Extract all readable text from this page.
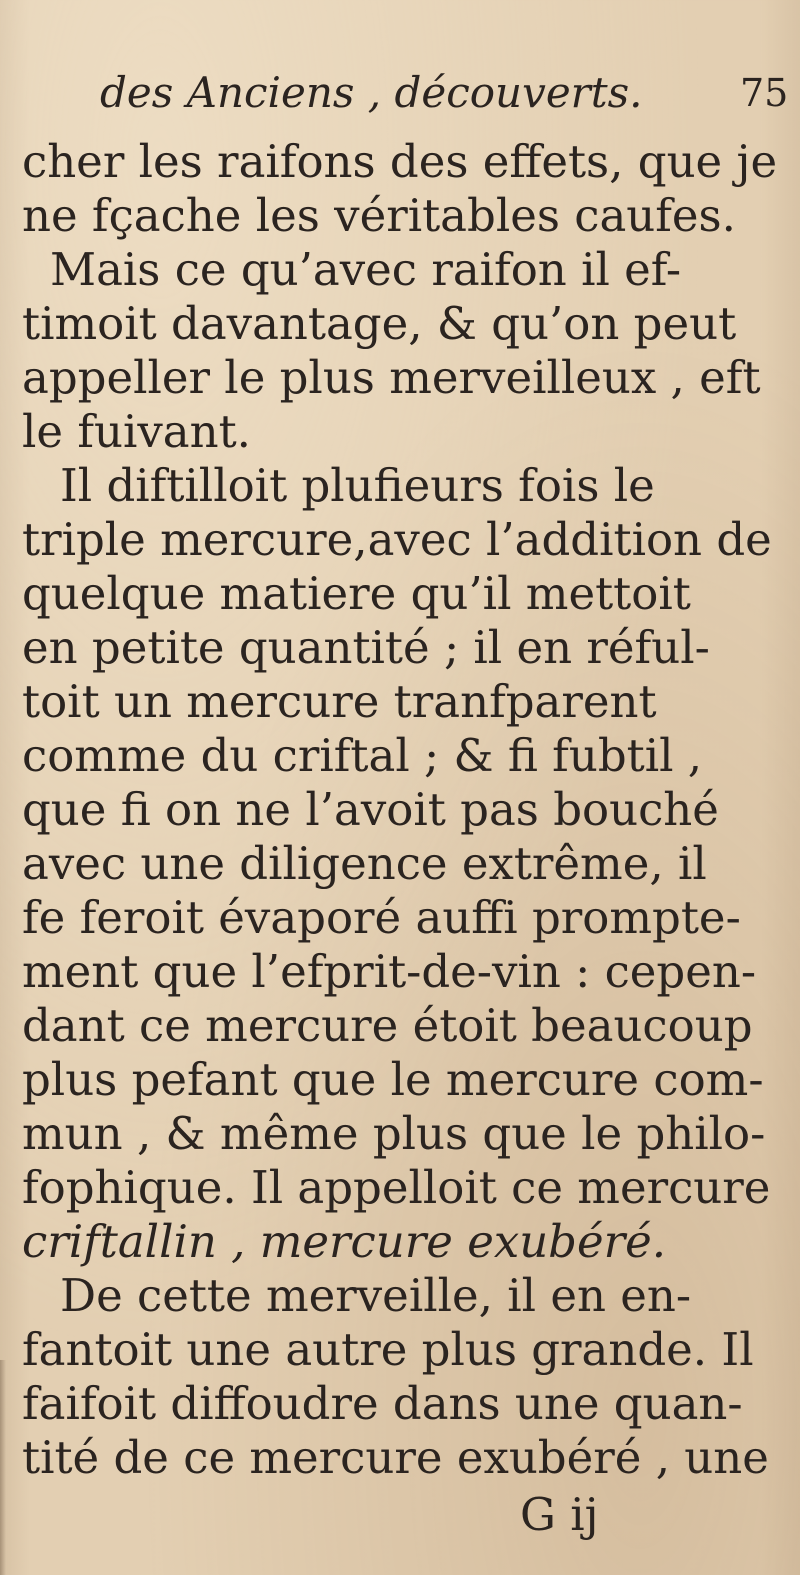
des Anciens , découverts.	75
cher les raifons des effets, que je
ne fçache les véritables caufes.
Mais ce qu’avec raifon il ef-
timoit davantage, & qu’on peut
appeller le plus merveilleux , eft
le fuivant.
Il diftilloit plufieurs fois le
triple mercure,avec l’addition de
quelque matiere qu’il mettoit
en petite quantité ; il en réful-
toit un mercure tranfparent
comme du criftal ; & fi fubtil ,
que fi on ne l’avoit pas bouché
avec une diligence extrême, il
fe feroit évaporé auffi prompte-
ment que l’efprit-de-vin : cepen-
dant ce mercure étoit beaucoup
plus pefant que le mercure com-
mun , & même plus que le philo-
fophique. Il appelloit ce mercure
criftallin , mercure exubéré.
De cette merveille, il en en-
fantoit une autre plus grande. Il
faifoit diffoudre dans une quan-
tité de ce mercure exubéré , une
G ij
